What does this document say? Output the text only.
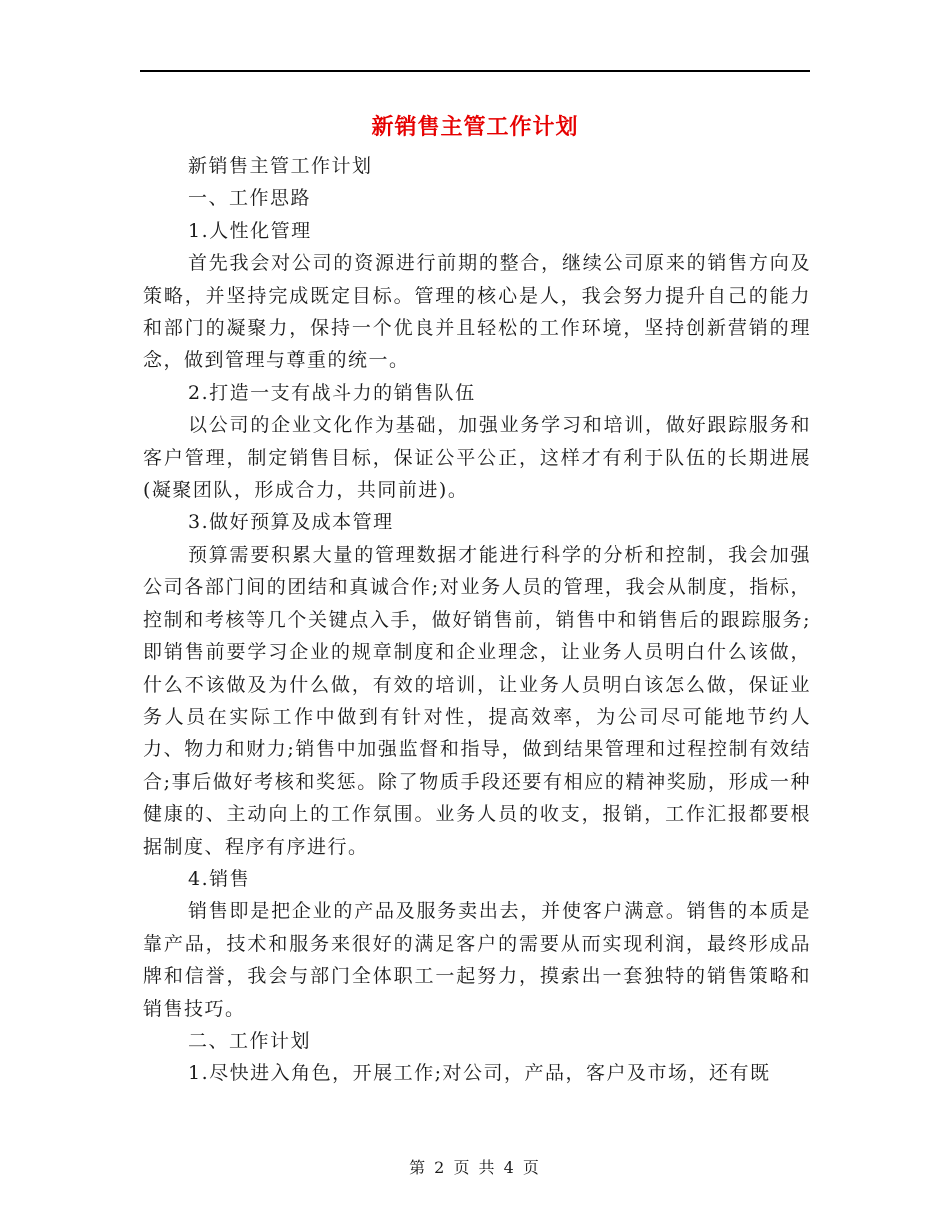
新销售主管工作计划

新销售主管工作计划

一、工作思路

1.人性化管理

首先我会对公司的资源进行前期的整合，继续公司原来的销售方向及策略，并坚持完成既定目标。管理的核心是人，我会努力提升自己的能力和部门的凝聚力，保持一个优良并且轻松的工作环境，坚持创新营销的理念，做到管理与尊重的统一。

2.打造一支有战斗力的销售队伍

以公司的企业文化作为基础，加强业务学习和培训，做好跟踪服务和客户管理，制定销售目标，保证公平公正，这样才有利于队伍的长期进展(凝聚团队，形成合力，共同前进)。

3.做好预算及成本管理

预算需要积累大量的管理数据才能进行科学的分析和控制，我会加强公司各部门间的团结和真诚合作;对业务人员的管理，我会从制度，指标，控制和考核等几个关键点入手，做好销售前，销售中和销售后的跟踪服务;即销售前要学习企业的规章制度和企业理念，让业务人员明白什么该做，什么不该做及为什么做，有效的培训，让业务人员明白该怎么做，保证业务人员在实际工作中做到有针对性，提高效率，为公司尽可能地节约人力、物力和财力;销售中加强监督和指导，做到结果管理和过程控制有效结合;事后做好考核和奖惩。除了物质手段还要有相应的精神奖励，形成一种健康的、主动向上的工作氛围。业务人员的收支，报销，工作汇报都要根据制度、程序有序进行。

4.销售

销售即是把企业的产品及服务卖出去，并使客户满意。销售的本质是靠产品，技术和服务来很好的满足客户的需要从而实现利润，最终形成品牌和信誉，我会与部门全体职工一起努力，摸索出一套独特的销售策略和销售技巧。

二、工作计划

1.尽快进入角色，开展工作;对公司，产品，客户及市场，还有既

第 2 页 共 4 页
